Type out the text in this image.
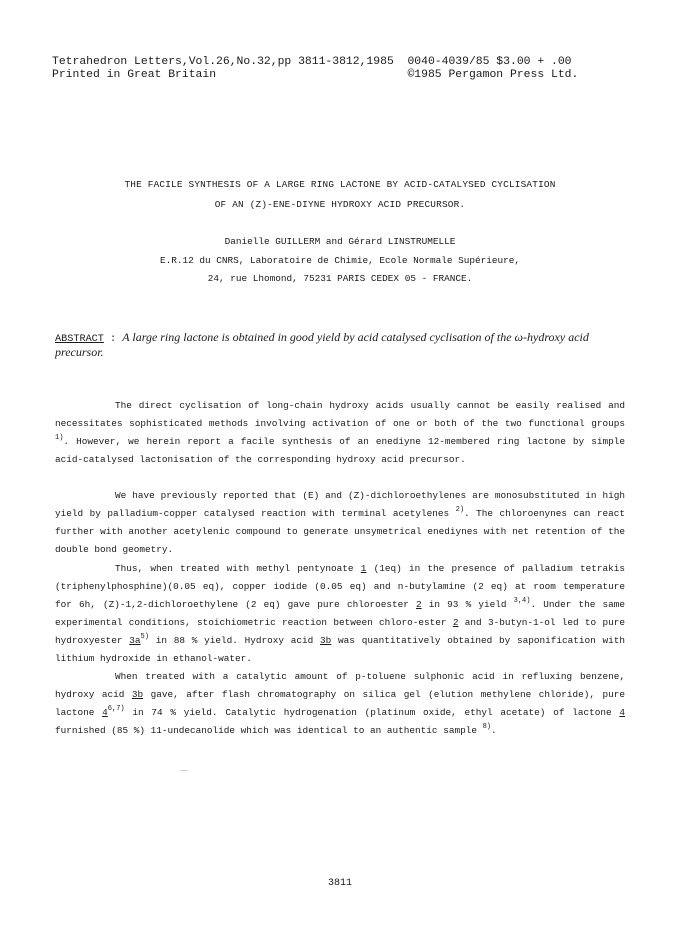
Tetrahedron Letters,Vol.26,No.32,pp 3811-3812,1985  0040-4039/85 $3.00 + .00
Printed in Great Britain                            ©1985 Pergamon Press Ltd.
THE FACILE SYNTHESIS OF A LARGE RING LACTONE BY ACID-CATALYSED CYCLISATION
OF AN (Z)-ENE-DIYNE HYDROXY ACID PRECURSOR.
Danielle GUILLERM and Gérard LINSTRUMELLE
E.R.12 du CNRS, Laboratoire de Chimie, Ecole Normale Supérieure,
24, rue Lhomond, 75231 PARIS CEDEX 05 - FRANCE.
ABSTRACT : A large ring lactone is obtained in good yield by acid catalysed cyclisation of the ω-hydroxy acid precursor.
The direct cyclisation of long-chain hydroxy acids usually cannot be easily realised and necessitates sophisticated methods involving activation of one or both of the two functional groups $^{1)}$. However, we herein report a facile synthesis of an enediyne 12-membered ring lactone by simple acid-catalysed lactonisation of the corresponding hydroxy acid precursor.
We have previously reported that (E) and (Z)-dichloroethylenes are monosubstituted in high yield by palladium-copper catalysed reaction with terminal acetylenes $^{2)}$. The chloroenynes can react further with another acetylenic compound to generate unsymetrical enediynes with net retention of the double bond geometry.
Thus, when treated with methyl pentynoate 1 (1eq) in the presence of palladium tetrakis (triphenylphosphine)(0.05 eq), copper iodide (0.05 eq) and n-butylamine (2 eq) at room temperature for 6h, (Z)-1,2-dichloroethylene (2 eq) gave pure chloroester 2 in 93 % yield $^{3,4)}$. Under the same experimental conditions, stoichiometric reaction between chloro-ester 2 and 3-butyn-1-ol led to pure hydroxyester $3a^{5)}$ in 88 % yield. Hydroxy acid 3b was quantitatively obtained by saponification with lithium hydroxide in ethanol-water.
When treated with a catalytic amount of p-toluene sulphonic acid in refluxing benzene, hydroxy acid 3b gave, after flash chromatography on silica gel (elution methylene chloride), pure lactone 4$^{6,7)}$ in 74 % yield. Catalytic hydrogenation (platinum oxide, ethyl acetate) of lactone 4 furnished (85 %) 11-undecanolide which was identical to an authentic sample $^{8)}$.
3811
